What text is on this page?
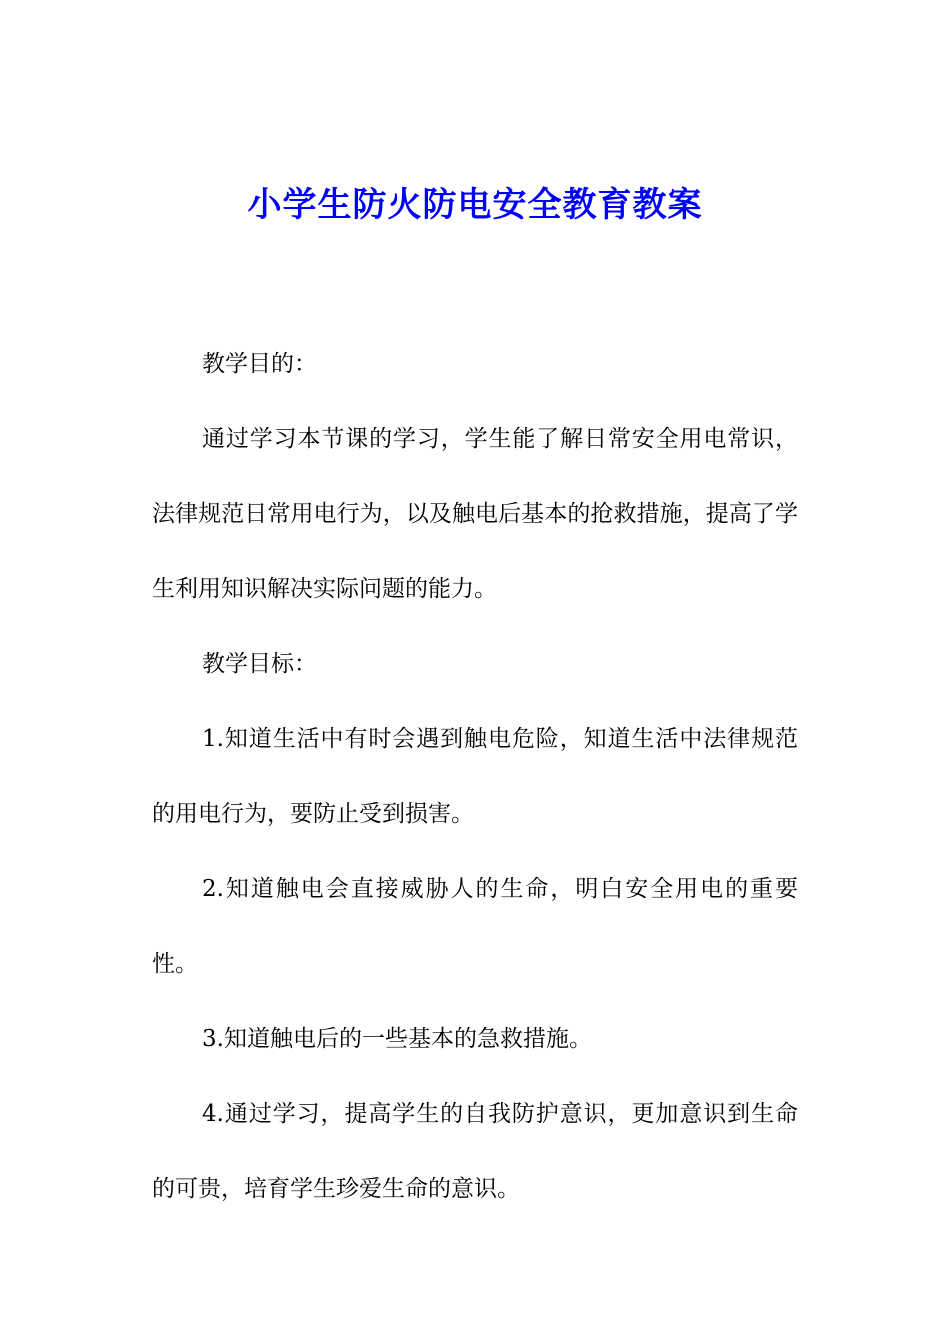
小学生防火防电安全教育教案

教学目的：

通过学习本节课的学习，学生能了解日常安全用电常识，法律规范日常用电行为，以及触电后基本的抢救措施，提高了学生利用知识解决实际问题的能力。

教学目标：

1.知道生活中有时会遇到触电危险，知道生活中法律规范的用电行为，要防止受到损害。

2.知道触电会直接威胁人的生命，明白安全用电的重要性。

3.知道触电后的一些基本的急救措施。

4.通过学习，提高学生的自我防护意识，更加意识到生命的可贵，培育学生珍爱生命的意识。
